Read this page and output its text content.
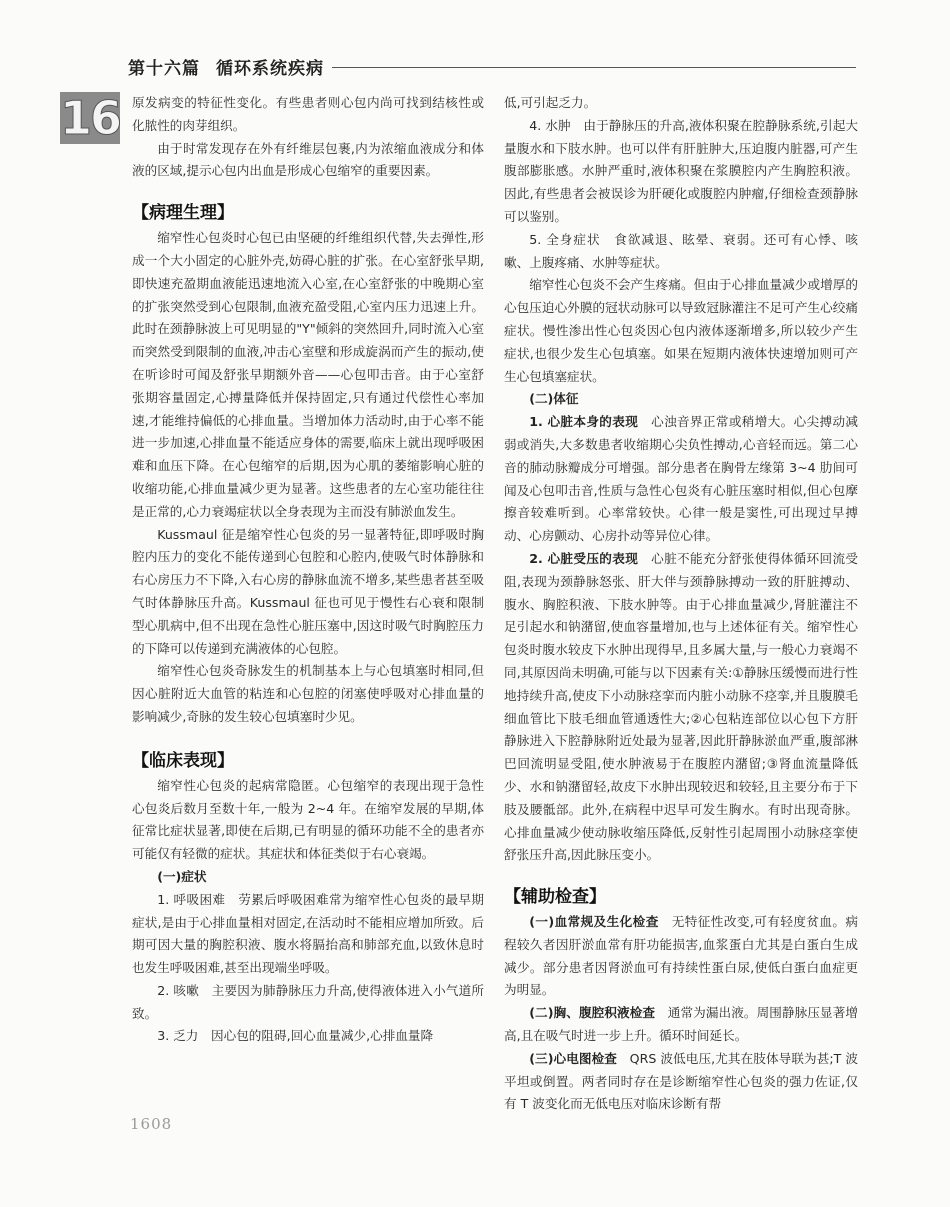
第十六篇 循环系统疾病
16 原发病变的特征性变化。有些患者则心包内尚可找到结核性或化脓性的肉芽组织。

由于时常发现存在外有纤维层包裹,内为浓缩血液成分和体液的区域,提示心包内出血是形成心包缩窄的重要因素。

【病理生理】

缩窄性心包炎时心包已由坚硬的纤维组织代替,失去弹性,形成一个大小固定的心脏外壳,妨碍心脏的扩张。在心室舒张早期,即快速充盈期血液能迅速地流入心室,在心室舒张的中晚期心室的扩张突然受到心包限制,血液充盈受阻,心室内压力迅速上升。此时在颈静脉波上可见明显的"Y"倾斜的突然回升,同时流入心室而突然受到限制的血液,冲击心室壁和形成旋涡而产生的振动,使在听诊时可闻及舒张早期额外音——心包叩击音。由于心室舒张期容量固定,心搏量降低并保持固定,只有通过代偿性心率加速,才能维持偏低的心排血量。当增加体力活动时,由于心率不能进一步加速,心排血量不能适应身体的需要,临床上就出现呼吸困难和血压下降。在心包缩窄的后期,因为心肌的萎缩影响心脏的收缩功能,心排血量减少更为显著。这些患者的左心室功能往往是正常的,心力衰竭症状以全身表现为主而没有肺淤血发生。

Kussmaul 征是缩窄性心包炎的另一显著特征,即呼吸时胸腔内压力的变化不能传递到心包腔和心腔内,使吸气时体静脉和右心房压力不下降,入右心房的静脉血流不增多,某些患者甚至吸气时体静脉压升高。Kussmaul 征也可见于慢性右心衰和限制型心肌病中,但不出现在急性心脏压塞中,因这时吸气时胸腔压力的下降可以传递到充满液体的心包腔。

缩窄性心包炎奇脉发生的机制基本上与心包填塞时相同,但因心脏附近大血管的粘连和心包腔的闭塞使呼吸对心排血量的影响减少,奇脉的发生较心包填塞时少见。

【临床表现】

缩窄性心包炎的起病常隐匿。心包缩窄的表现出现于急性心包炎后数月至数十年,一般为 2~4 年。在缩窄发展的早期,体征常比症状显著,即使在后期,已有明显的循环功能不全的患者亦可能仅有轻微的症状。其症状和体征类似于右心衰竭。

(一)症状

1. 呼吸困难　 劳累后呼吸困难常为缩窄性心包炎的最早期症状,是由于心排血量相对固定,在活动时不能相应增加所致。后期可因大量的胸腔积液、腹水将膈抬高和肺部充血,以致休息时也发生呼吸困难,甚至出现端坐呼吸。

2. 咳嗽　 主要因为肺静脉压力升高,使得液体进入小气道所致。

3. 乏力　 因心包的阻碍,回心血量减少,心排血量降

低,可引起乏力。

4. 水肿　 由于静脉压的升高,液体积聚在腔静脉系统,引起大量腹水和下肢水肿。也可以伴有肝脏肿大,压迫腹内脏器,可产生腹部膨胀感。水肿严重时,液体积聚在浆膜腔内产生胸腔积液。因此,有些患者会被误诊为肝硬化或腹腔内肿瘤,仔细检查颈静脉可以鉴别。

5. 全身症状　 食欲减退、眩晕、衰弱。还可有心悸、咳嗽、上腹疼痛、水肿等症状。

缩窄性心包炎不会产生疼痛。但由于心排血量减少或增厚的心包压迫心外膜的冠状动脉可以导致冠脉灌注不足可产生心绞痛症状。慢性渗出性心包炎因心包内液体逐渐增多,所以较少产生症状,也很少发生心包填塞。如果在短期内液体快速增加则可产生心包填塞症状。

(二)体征

1. 心脏本身的表现　 心浊音界正常或稍增大。心尖搏动减弱或消失,大多数患者收缩期心尖负性搏动,心音轻而远。第二心音的肺动脉瓣成分可增强。部分患者在胸骨左缘第 3~4 肋间可闻及心包叩击音,性质与急性心包炎有心脏压塞时相似,但心包摩擦音较难听到。心率常较快。心律一般是窦性,可出现过早搏动、心房颤动、心房扑动等异位心律。

2. 心脏受压的表现　 心脏不能充分舒张使得体循环回流受阻,表现为颈静脉怒张、肝大伴与颈静脉搏动一致的肝脏搏动、腹水、胸腔积液、下肢水肿等。由于心排血量减少,肾脏灌注不足引起水和钠潴留,使血容量增加,也与上述体征有关。缩窄性心包炎时腹水较皮下水肿出现得早,且多属大量,与一般心力衰竭不同,其原因尚未明确,可能与以下因素有关:①静脉压缓慢而进行性地持续升高,使皮下小动脉痉挛而内脏小动脉不痉挛,并且腹膜毛细血管比下肢毛细血管通透性大;②心包粘连部位以心包下方肝静脉进入下腔静脉附近处最为显著,因此肝静脉淤血严重,腹部淋巴回流明显受阻,使水肿液易于在腹腔内潴留;③肾血流量降低少、水和钠潴留轻,故皮下水肿出现较迟和较轻,且主要分布于下肢及腰骶部。此外,在病程中迟早可发生胸水。有时出现奇脉。心排血量减少使动脉收缩压降低,反射性引起周围小动脉痉挛使舒张压升高,因此脉压变小。

【辅助检查】

(一)血常规及生化检查　 无特征性改变,可有轻度贫血。病程较久者因肝淤血常有肝功能损害,血浆蛋白尤其是白蛋白生成减少。部分患者因肾淤血可有持续性蛋白尿,使低白蛋白血症更为明显。

(二)胸、腹腔积液检查　 通常为漏出液。周围静脉压显著增高,且在吸气时进一步上升。循环时间延长。

(三)心电图检查　 QRS 波低电压,尤其在肢体导联为甚;T 波平坦或倒置。两者同时存在是诊断缩窄性心包炎的强力佐证,仅有 T 波变化而无低电压对临床诊断有帮

1608
